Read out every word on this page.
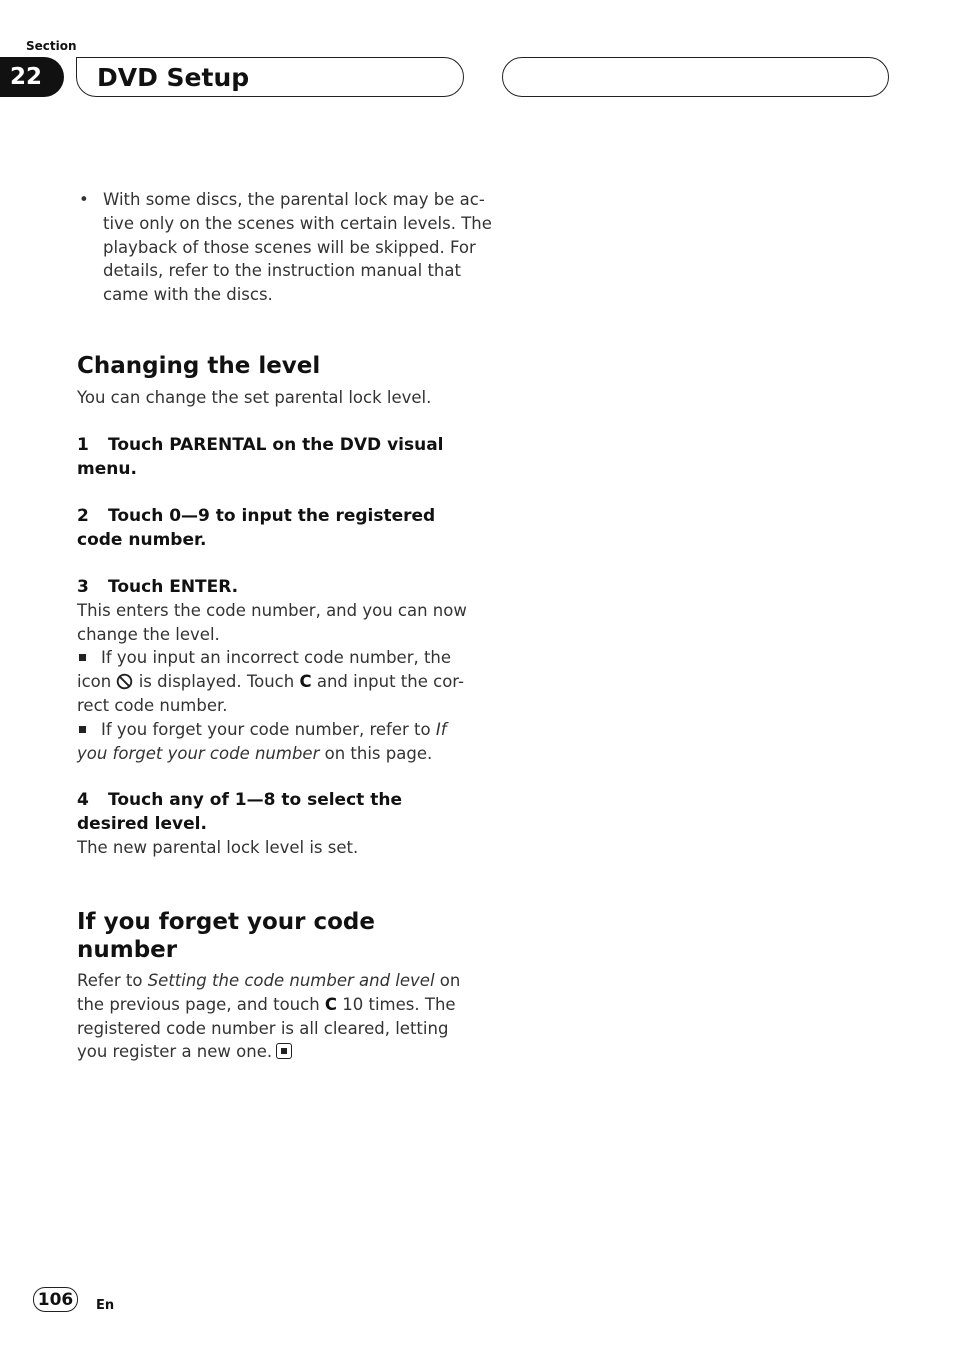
Section
22	DVD Setup
• With some discs, the parental lock may be ac-tive only on the scenes with certain levels. The playback of those scenes will be skipped. For details, refer to the instruction manual that came with the discs.
Changing the level
You can change the set parental lock level.
1 Touch PARENTAL on the DVD visual menu.
2 Touch 0—9 to input the registered code number.
3 Touch ENTER.
This enters the code number, and you can now change the level.
If you input an incorrect code number, the icon is displayed. Touch C and input the cor-rect code number.
If you forget your code number, refer to If you forget your code number on this page.
4 Touch any of 1—8 to select the desired level.
The new parental lock level is set.
If you forget your code number
Refer to Setting the code number and level on the previous page, and touch C 10 times. The registered code number is all cleared, letting you register a new one.
106	En
